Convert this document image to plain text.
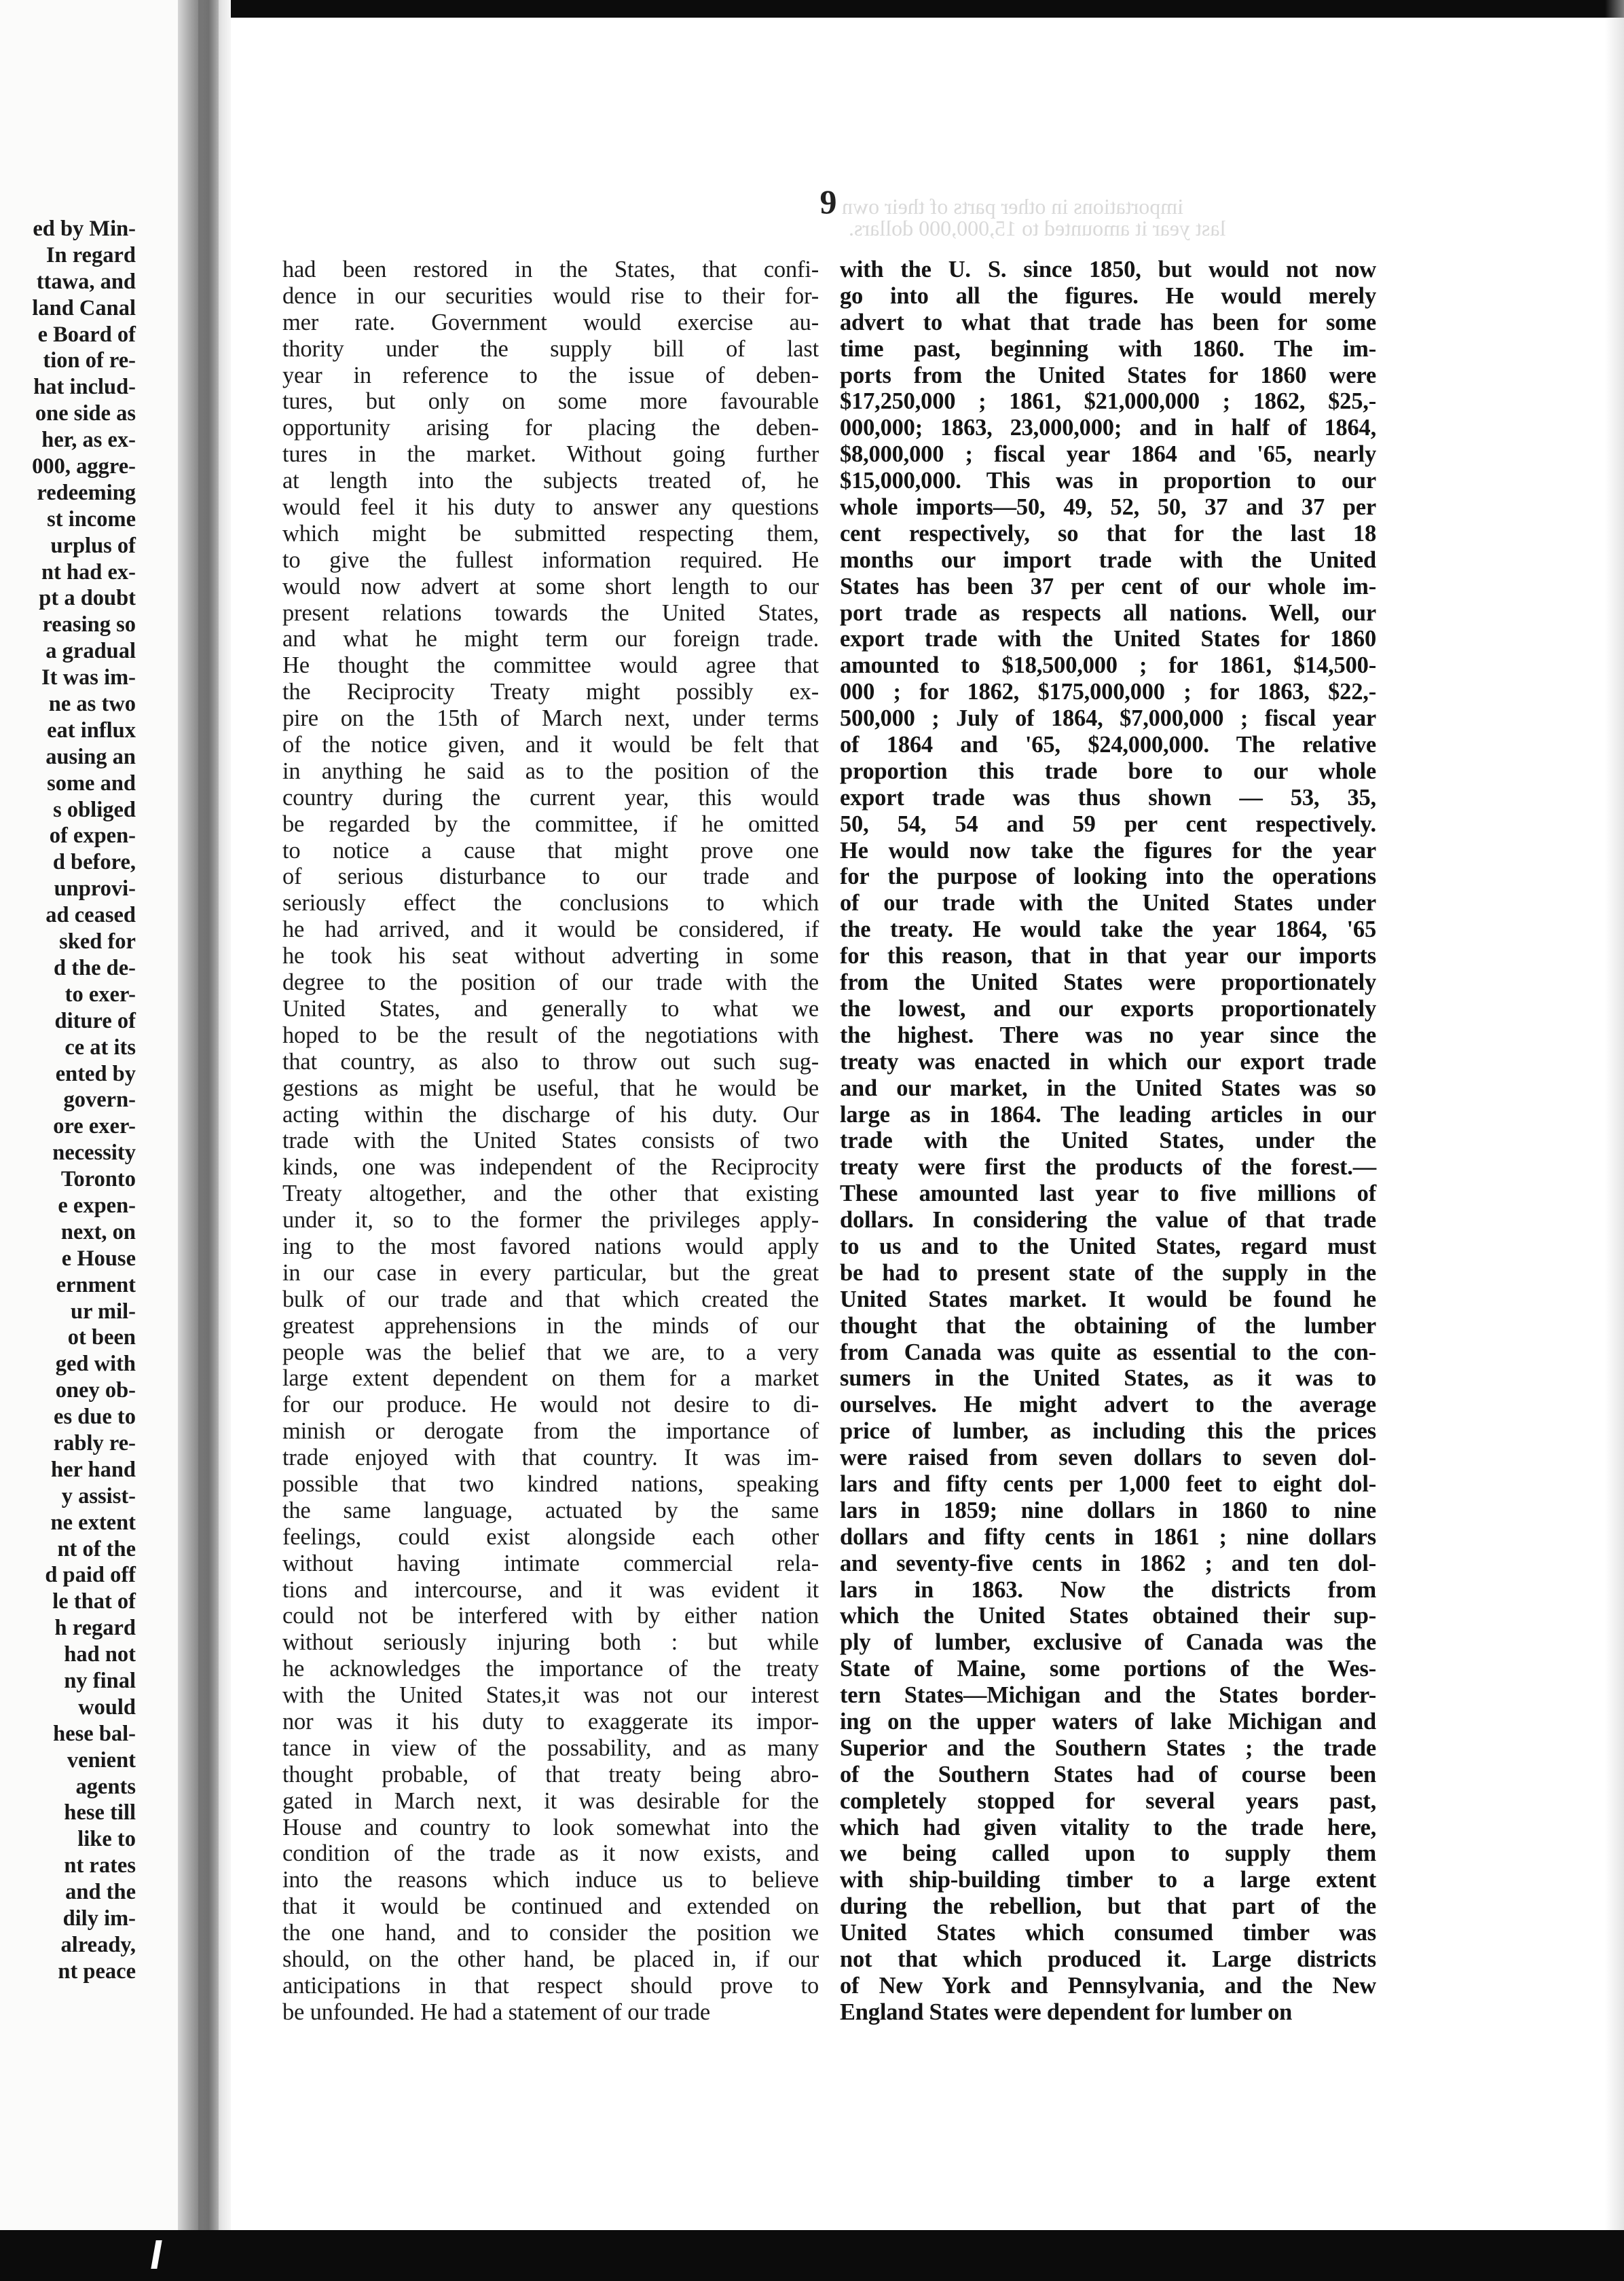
ed by Min-
In regard
ttawa, and
land Canal
e Board of
tion of re-
hat includ-
one side as
her, as ex-
000, aggre-
redeeming
st income
urplus of
nt had ex-
pt a doubt
reasing so
a gradual
It was im-
ne as two
eat influx
ausing an
some and
s obliged
of expen-
d before,
unprovi-
ad ceased
sked for
d the de-
to exer-
diture of
ce at its
ented by
govern-
ore exer-
necessity
Toronto
e expen-
next, on
e House
ernment
ur mil-
ot been
ged with
oney ob-
es due to
rably re-
her hand
y assist-
ne extent
nt of the
d paid off
le that of
h regard
had not
ny final
would
hese bal-
venient
agents
hese till
like to
nt rates
and the
dily im-
already,
nt peace
last year it amounted to 15,000,000 dollars.
importations in other parts of their own
9
had been restored in the States, that confi-
dence in our securities would rise to their for-
mer rate. Government would exercise au-
thority under the supply bill of last
year in reference to the issue of deben-
tures, but only on some more favourable
opportunity arising for placing the deben-
tures in the market. Without going further
at length into the subjects treated of, he
would feel it his duty to answer any questions
which might be submitted respecting them,
to give the fullest information required. He
would now advert at some short length to our
present relations towards the United States,
and what he might term our foreign trade.
He thought the committee would agree that
the Reciprocity Treaty might possibly ex-
pire on the 15th of March next, under terms
of the notice given, and it would be felt that
in anything he said as to the position of the
country during the current year, this would
be regarded by the committee, if he omitted
to notice a cause that might prove one
of serious disturbance to our trade and
seriously effect the conclusions to which
he had arrived, and it would be considered, if
he took his seat without adverting in some
degree to the position of our trade with the
United States, and generally to what we
hoped to be the result of the negotiations with
that country, as also to throw out such sug-
gestions as might be useful, that he would be
acting within the discharge of his duty. Our
trade with the United States consists of two
kinds, one was independent of the Reciprocity
Treaty altogether, and the other that existing
under it, so to the former the privileges apply-
ing to the most favored nations would apply
in our case in every particular, but the great
bulk of our trade and that which created the
greatest apprehensions in the minds of our
people was the belief that we are, to a very
large extent dependent on them for a market
for our produce. He would not desire to di-
minish or derogate from the importance of
trade enjoyed with that country. It was im-
possible that two kindred nations, speaking
the same language, actuated by the same
feelings, could exist alongside each other
without having intimate commercial rela-
tions and intercourse, and it was evident it
could not be interfered with by either nation
without seriously injuring both : but while
he acknowledges the importance of the treaty
with the United States,it was not our interest
nor was it his duty to exaggerate its impor-
tance in view of the possability, and as many
thought probable, of that treaty being abro-
gated in March next, it was desirable for the
House and country to look somewhat into the
condition of the trade as it now exists, and
into the reasons which induce us to believe
that it would be continued and extended on
the one hand, and to consider the position we
should, on the other hand, be placed in, if our
anticipations in that respect should prove to
be unfounded. He had a statement of our trade
with the U. S. since 1850, but would not now
go into all the figures. He would merely
advert to what that trade has been for some
time past, beginning with 1860. The im-
ports from the United States for 1860 were
$17,250,000 ; 1861, $21,000,000 ; 1862, $25,-
000,000; 1863, 23,000,000; and in half of 1864,
$8,000,000 ; fiscal year 1864 and '65, nearly
$15,000,000. This was in proportion to our
whole imports—50, 49, 52, 50, 37 and 37 per
cent respectively, so that for the last 18
months our import trade with the United
States has been 37 per cent of our whole im-
port trade as respects all nations. Well, our
export trade with the United States for 1860
amounted to $18,500,000 ; for 1861, $14,500-
000 ; for 1862, $175,000,000 ; for 1863, $22,-
500,000 ; July of 1864, $7,000,000 ; fiscal year
of 1864 and '65, $24,000,000. The relative
proportion this trade bore to our whole
export trade was thus shown — 53, 35,
50, 54, 54 and 59 per cent respectively.
He would now take the figures for the year
for the purpose of looking into the operations
of our trade with the United States under
the treaty. He would take the year 1864, '65
for this reason, that in that year our imports
from the United States were proportionately
the lowest, and our exports proportionately
the highest. There was no year since the
treaty was enacted in which our export trade
and our market, in the United States was so
large as in 1864. The leading articles in our
trade with the United States, under the
treaty were first the products of the forest.—
These amounted last year to five millions of
dollars. In considering the value of that trade
to us and to the United States, regard must
be had to present state of the supply in the
United States market. It would be found he
thought that the obtaining of the lumber
from Canada was quite as essential to the con-
sumers in the United States, as it was to
ourselves. He might advert to the average
price of lumber, as including this the prices
were raised from seven dollars to seven dol-
lars and fifty cents per 1,000 feet to eight dol-
lars in 1859; nine dollars in 1860 to nine
dollars and fifty cents in 1861 ; nine dollars
and seventy-five cents in 1862 ; and ten dol-
lars in 1863. Now the districts from
which the United States obtained their sup-
ply of lumber, exclusive of Canada was the
State of Maine, some portions of the Wes-
tern States—Michigan and the States border-
ing on the upper waters of lake Michigan and
Superior and the Southern States ; the trade
of the Southern States had of course been
completely stopped for several years past,
which had given vitality to the trade here,
we being called upon to supply them
with ship-building timber to a large extent
during the rebellion, but that part of the
United States which consumed timber was
not that which produced it. Large districts
of New York and Pennsylvania, and the New
England States were dependent for lumber on
